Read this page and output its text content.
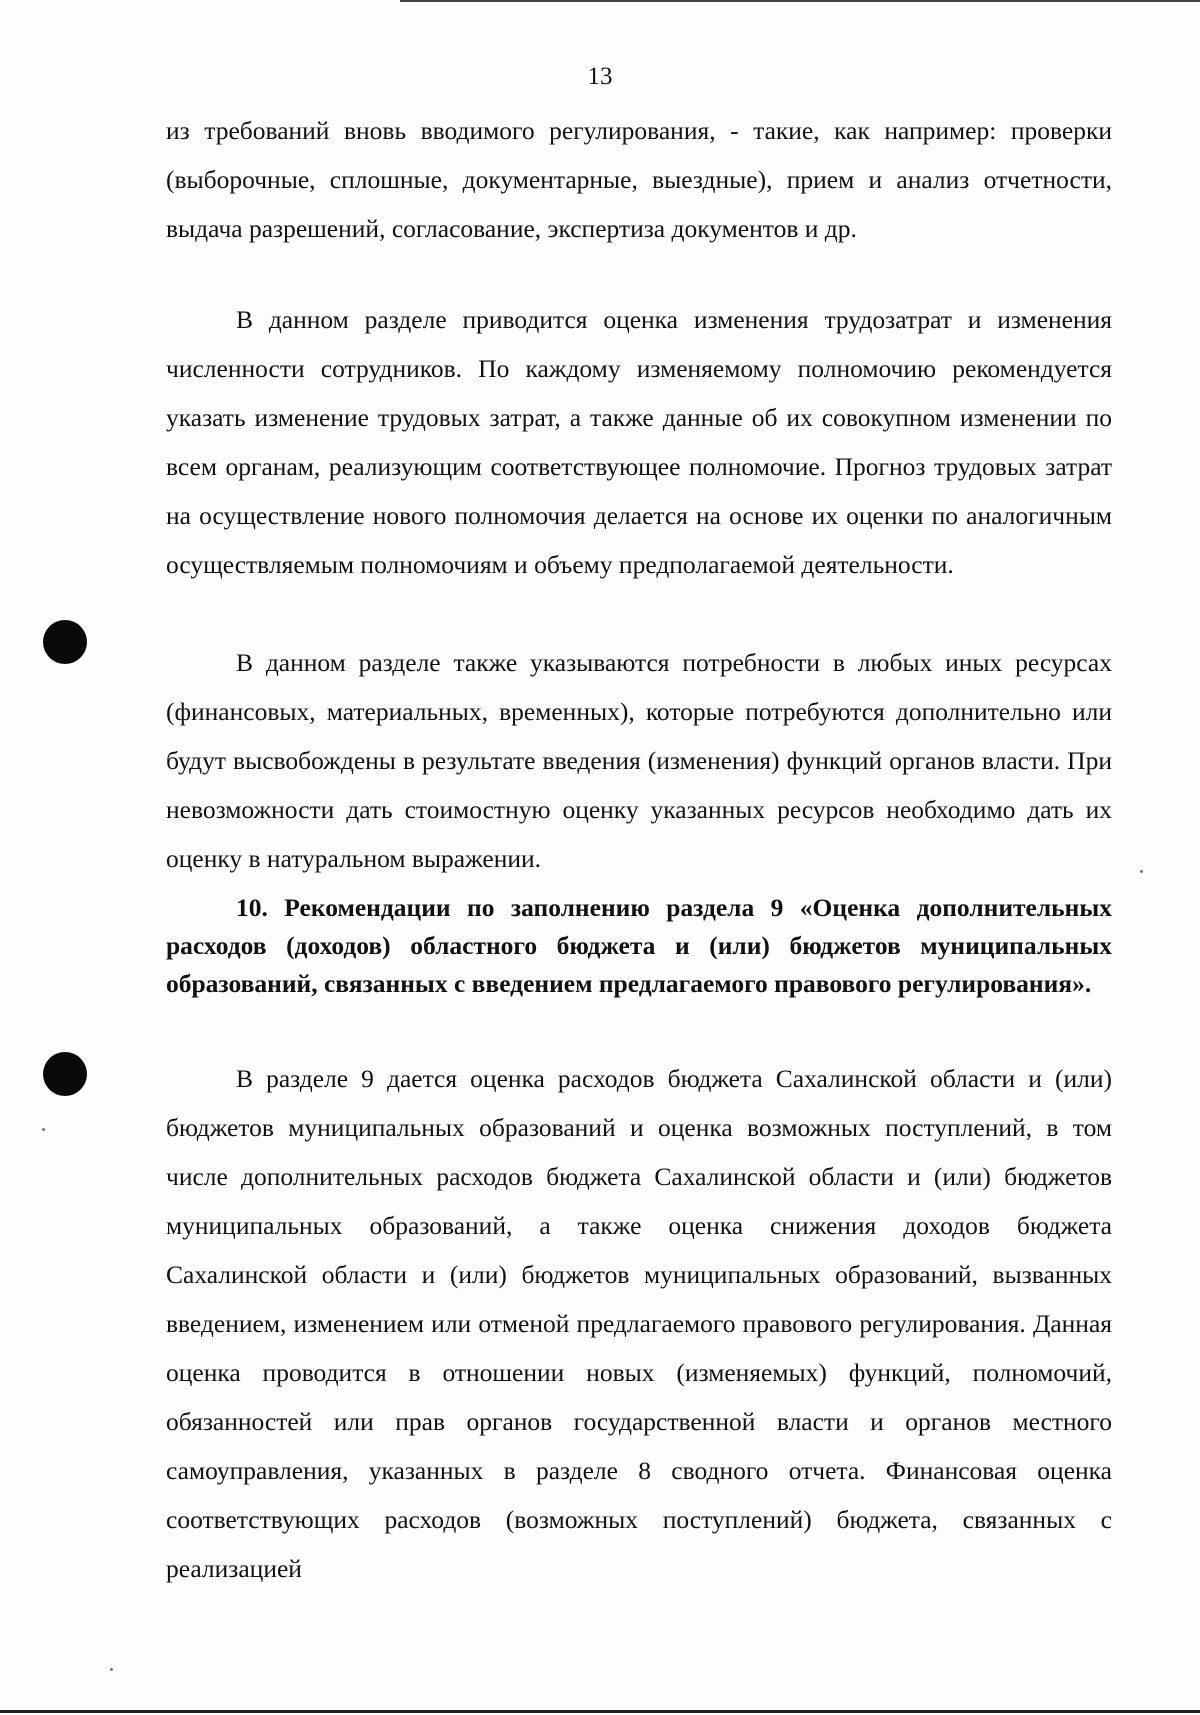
13

из требований вновь вводимого регулирования, - такие, как например: проверки (выборочные, сплошные, документарные, выездные), прием и анализ отчетности, выдача разрешений, согласование, экспертиза документов и др.

В данном разделе приводится оценка изменения трудозатрат и изменения численности сотрудников. По каждому изменяемому полномочию рекомендуется указать изменение трудовых затрат, а также данные об их совокупном изменении по всем органам, реализующим соответствующее полномочие. Прогноз трудовых затрат на осуществление нового полномочия делается на основе их оценки по аналогичным осуществляемым полномочиям и объему предполагаемой деятельности.

В данном разделе также указываются потребности в любых иных ресурсах (финансовых, материальных, временных), которые потребуются дополнительно или будут высвобождены в результате введения (изменения) функций органов власти. При невозможности дать стоимостную оценку указанных ресурсов необходимо дать их оценку в натуральном выражении.

10. Рекомендации по заполнению раздела 9 «Оценка дополнительных расходов (доходов) областного бюджета и (или) бюджетов муниципальных образований, связанных с введением предлагаемого правового регулирования».

В разделе 9 дается оценка расходов бюджета Сахалинской области и (или) бюджетов муниципальных образований и оценка возможных поступлений, в том числе дополнительных расходов бюджета Сахалинской области и (или) бюджетов муниципальных образований, а также оценка снижения доходов бюджета Сахалинской области и (или) бюджетов муниципальных образований, вызванных введением, изменением или отменой предлагаемого правового регулирования. Данная оценка проводится в отношении новых (изменяемых) функций, полномочий, обязанностей или прав органов государственной власти и органов местного самоуправления, указанных в разделе 8 сводного отчета. Финансовая оценка соответствующих расходов (возможных поступлений) бюджета, связанных с реализацией
